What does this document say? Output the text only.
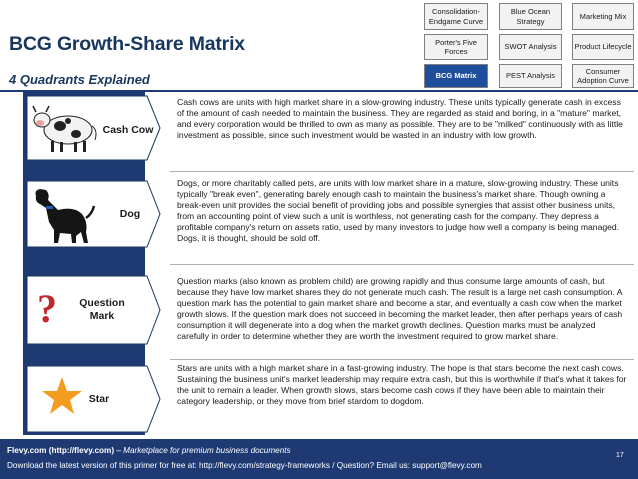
BCG Growth-Share Matrix
4 Quadrants Explained
Consolidation-Endgame Curve
Blue Ocean Strategy
Marketing Mix
Porter's Five Forces
SWOT Analysis	Product Lifecycle
BCG Matrix	PEST Analysis
Consumer Adoption Curve
?
Cash Cow
Dog
Question
Mark
Star
Cash cows are units with high market share in a slow-growing industry. These units typically generate cash in excess of the amount of cash needed to maintain the business. They are regarded as staid and boring, in a "mature" market, and every corporation would be thrilled to own as many as possible. They are to be "milked" continuously with as little investment as possible, since such investment would be wasted in an industry with low growth.
Dogs, or more charitably called pets, are units with low market share in a mature, slow-growing industry. These units typically "break even", generating barely enough cash to maintain the business's market share. Though owning a break-even unit provides the social benefit of providing jobs and possible synergies that assist other business units, from an accounting point of view such a unit is worthless, not generating cash for the company. They depress a profitable company's return on assets ratio, used by many investors to judge how well a company is being managed. Dogs, it is thought, should be sold off.
Question marks (also known as problem child) are growing rapidly and thus consume large amounts of cash, but because they have low market shares they do not generate much cash. The result is a large net cash consumption. A question mark has the potential to gain market share and become a star, and eventually a cash cow when the market growth slows. If the question mark does not succeed in becoming the market leader, then after perhaps years of cash consumption it will degenerate into a dog when the market growth declines. Question marks must be analyzed carefully in order to determine whether they are worth the investment required to grow market share.
Stars are units with a high market share in a fast-growing industry. The hope is that stars become the next cash cows. Sustaining the business unit's market leadership may require extra cash, but this is worthwhile if that's what it takes for the unit to remain a leader. When growth slows, stars become cash cows if they have been able to maintain their category leadership, or they move from brief stardom to dogdom.
Flevy.com (http://flevy.com) – Marketplace for premium business documents
Download the latest version of this primer for free at: http://flevy.com/strategy-frameworks / Question? Email us: support@flevy.com
17
